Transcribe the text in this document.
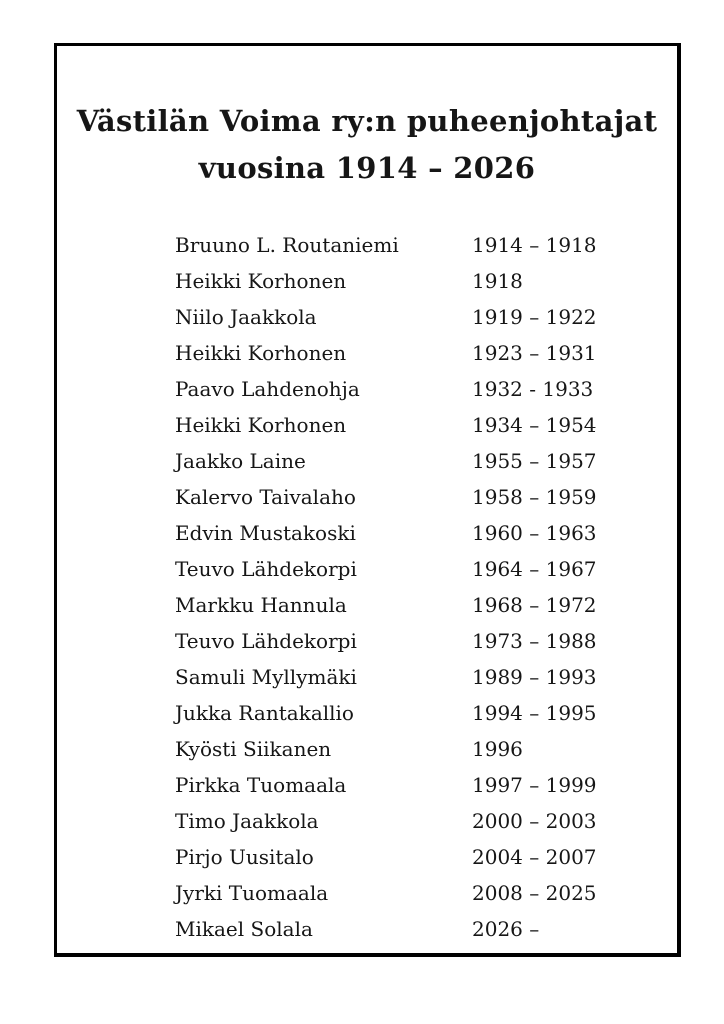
Västilän Voima ry:n puheenjohtajat
vuosina 1914 – 2026
Bruuno L. Routaniemi	1914 – 1918
Heikki Korhonen	1918
Niilo Jaakkola	1919 – 1922
Heikki Korhonen	1923 – 1931
Paavo Lahdenohja	1932 - 1933
Heikki Korhonen	1934 – 1954
Jaakko Laine	1955 – 1957
Kalervo Taivalaho	1958 – 1959
Edvin Mustakoski	1960 – 1963
Teuvo Lähdekorpi	1964 – 1967
Markku Hannula	1968 – 1972
Teuvo Lähdekorpi	1973 – 1988
Samuli Myllymäki	1989 – 1993
Jukka Rantakallio	1994 – 1995
Kyösti Siikanen	1996
Pirkka Tuomaala	1997 – 1999
Timo Jaakkola	2000 – 2003
Pirjo Uusitalo	2004 – 2007
Jyrki Tuomaala	2008 – 2025
Mikael Solala	2026 –
